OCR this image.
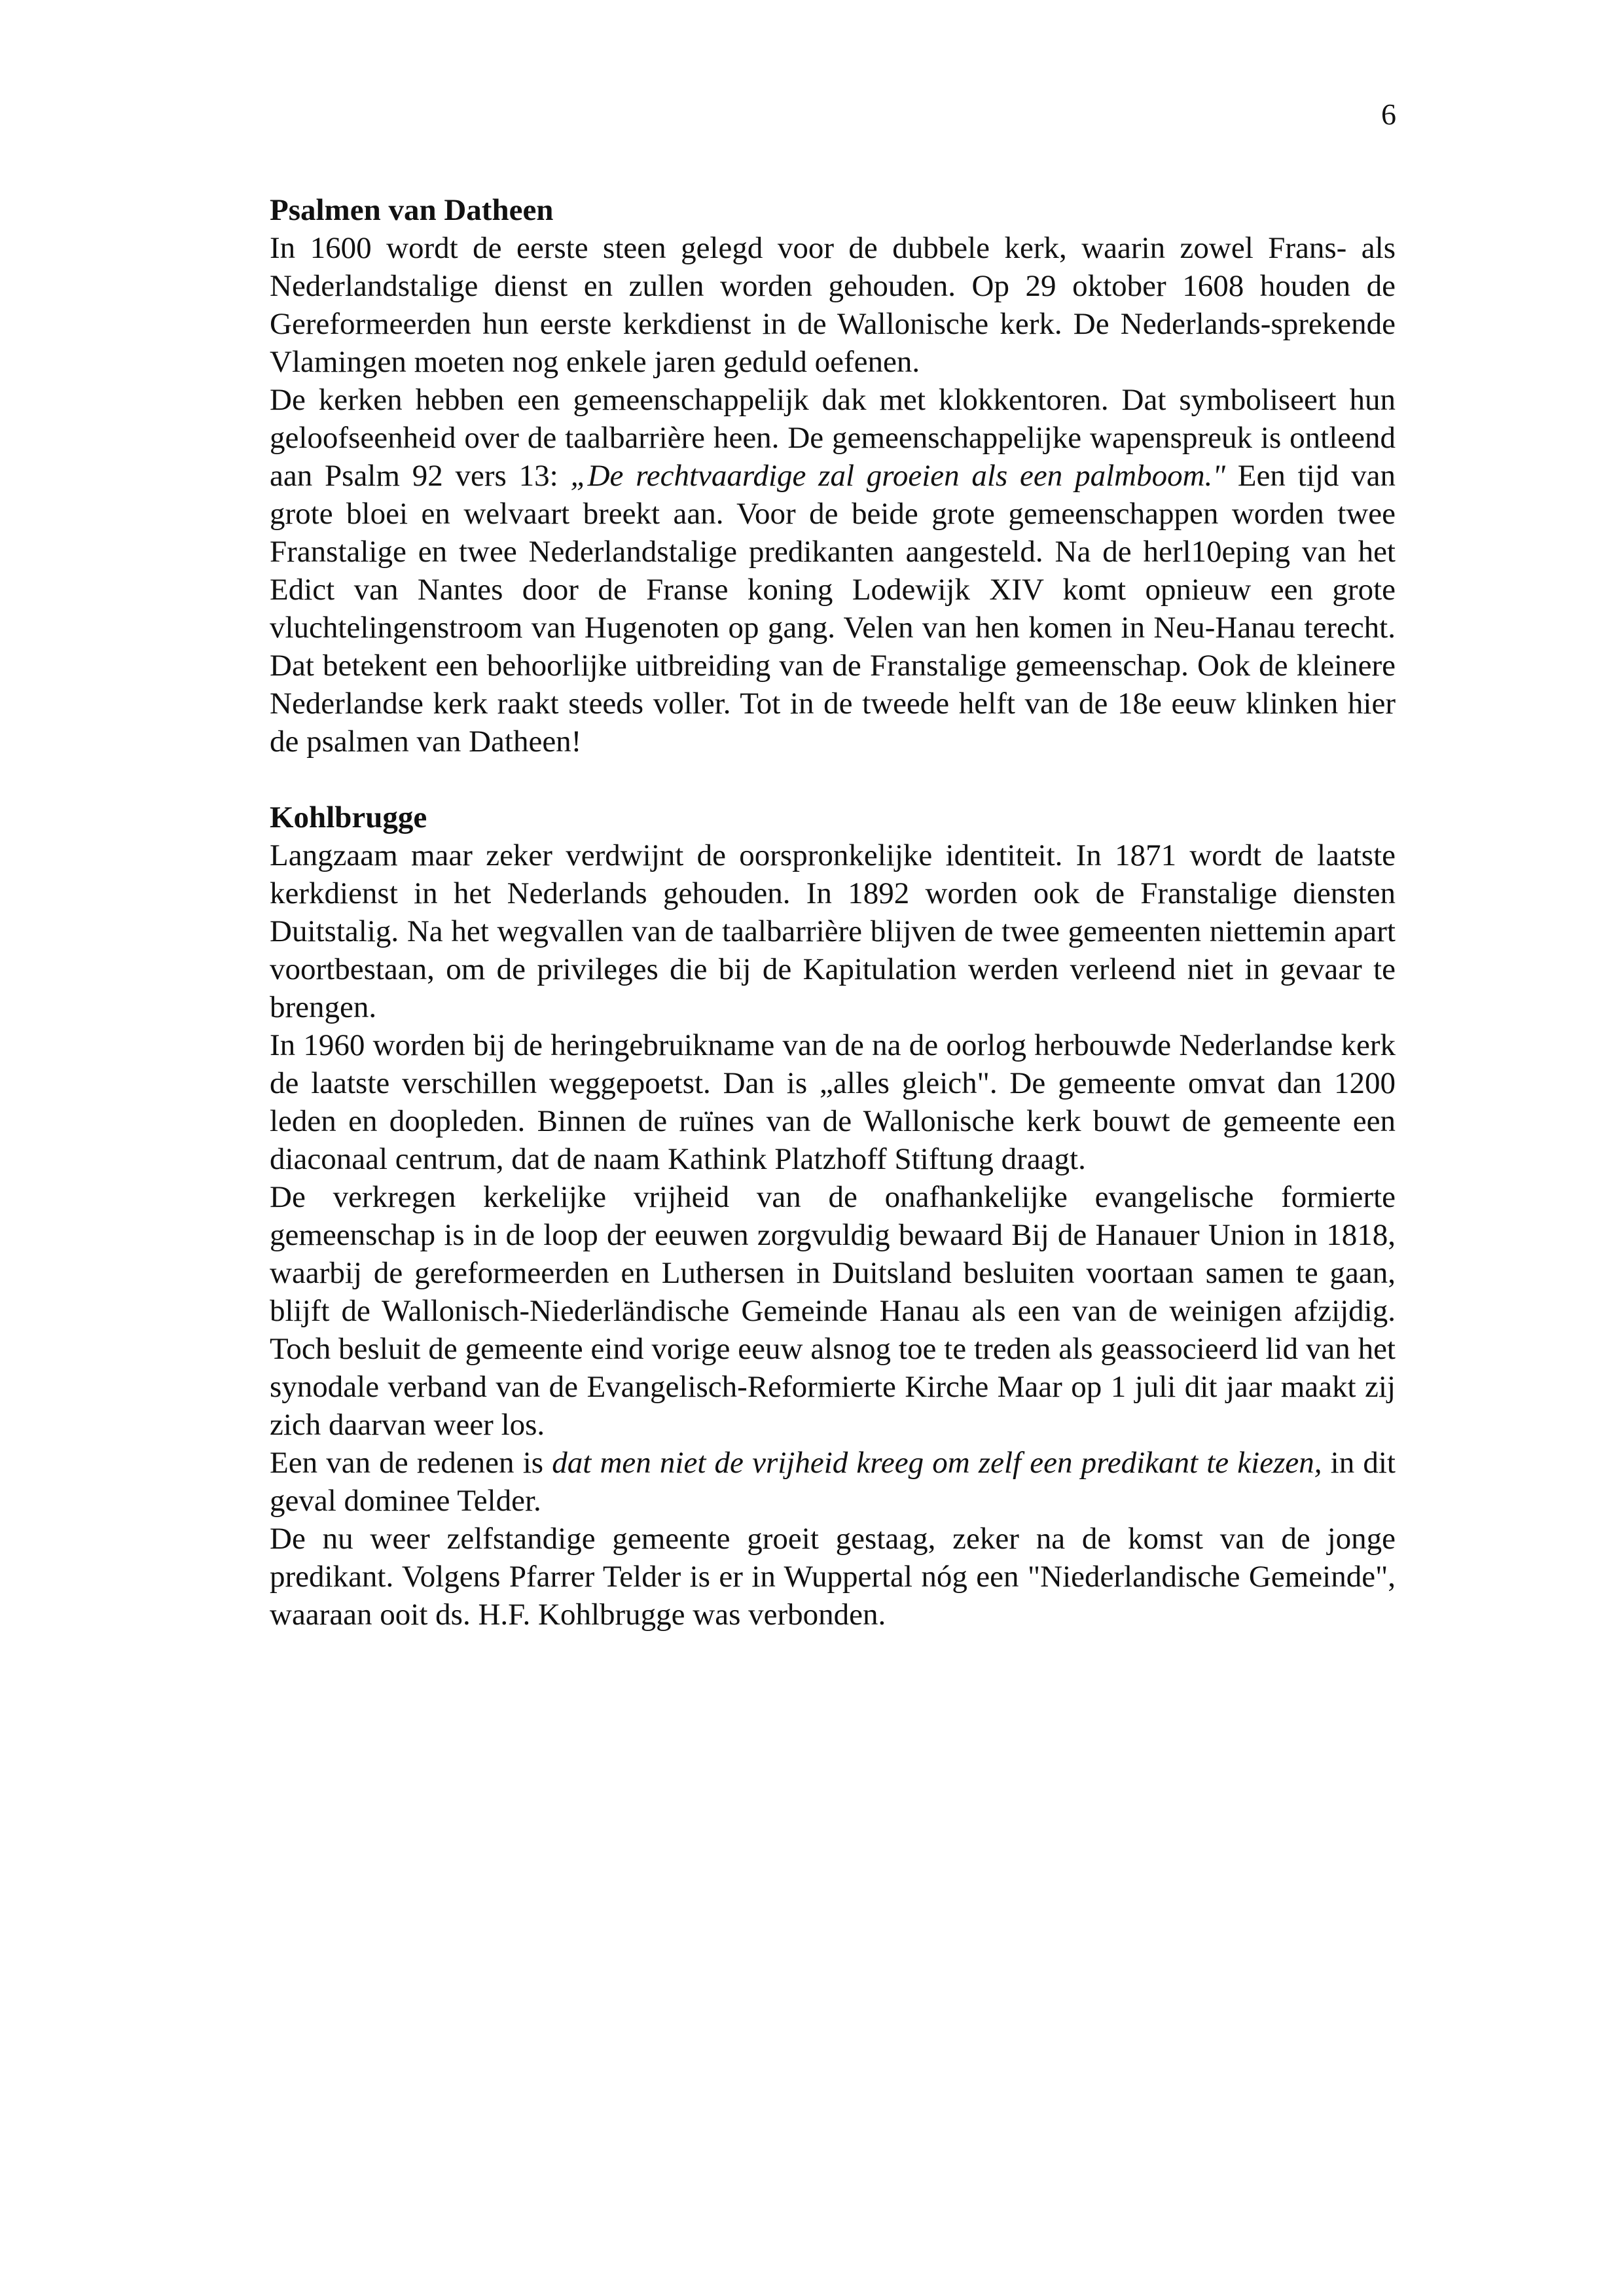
6
Psalmen van Datheen

In 1600 wordt de eerste steen gelegd voor de dubbele kerk, waarin zowel Frans- als Nederlandstalige dienst en zullen worden gehouden. Op 29 oktober 1608 houden de Gereformeerden hun eerste kerkdienst in de Wallonische kerk. De Nederlands-sprekende Vlamingen moeten nog enkele jaren geduld oefenen.

De kerken hebben een gemeenschappelijk dak met klokkentoren. Dat symboliseert hun geloofseenheid over de taalbarrière heen. De gemeenschappelijke wapenspreuk is ontleend aan Psalm 92 vers 13: „De rechtvaardige zal groeien als een palmboom." Een tijd van grote bloei en welvaart breekt aan. Voor de beide grote gemeenschappen worden twee Franstalige en twee Nederlandstalige predikanten aangesteld. Na de herl10eping van het Edict van Nantes door de Franse koning Lodewijk XIV komt opnieuw een grote vluchtelingenstroom van Hugenoten op gang. Velen van hen komen in Neu-Hanau terecht. Dat betekent een behoorlijke uitbreiding van de Franstalige gemeenschap. Ook de kleinere Nederlandse kerk raakt steeds voller. Tot in de tweede helft van de 18e eeuw klinken hier de psalmen van Datheen!

Kohlbrugge

Langzaam maar zeker verdwijnt de oorspronkelijke identiteit. In 1871 wordt de laatste kerkdienst in het Nederlands gehouden. In 1892 worden ook de Franstalige diensten Duitstalig. Na het wegvallen van de taalbarrière blijven de twee gemeenten niettemin apart voortbestaan, om de privileges die bij de Kapitulation werden verleend niet in gevaar te brengen.

In 1960 worden bij de heringebruikname van de na de oorlog herbouwde Nederlandse kerk de laatste verschillen weggepoetst. Dan is „alles gleich". De gemeente omvat dan 1200 leden en doopleden. Binnen de ruïnes van de Wallonische kerk bouwt de gemeente een diaconaal centrum, dat de naam Kathink Platzhoff Stiftung draagt.

De verkregen kerkelijke vrijheid van de onafhankelijke evangelische formierte gemeenschap is in de loop der eeuwen zorgvuldig bewaard Bij de Hanauer Union in 1818, waarbij de gereformeerden en Luthersen in Duitsland besluiten voortaan samen te gaan, blijft de Wallonisch-Niederländische Gemeinde Hanau als een van de weinigen afzijdig. Toch besluit de gemeente eind vorige eeuw alsnog toe te treden als geassocieerd lid van het synodale verband van de Evangelisch-Reformierte Kirche Maar op 1 juli dit jaar maakt zij zich daarvan weer los.

Een van de redenen is dat men niet de vrijheid kreeg om zelf een predikant te kiezen, in dit geval dominee Telder.

De nu weer zelfstandige gemeente groeit gestaag, zeker na de komst van de jonge predikant. Volgens Pfarrer Telder is er in Wuppertal nóg een "Niederlandische Gemeinde", waaraan ooit ds. H.F. Kohlbrugge was verbonden.
